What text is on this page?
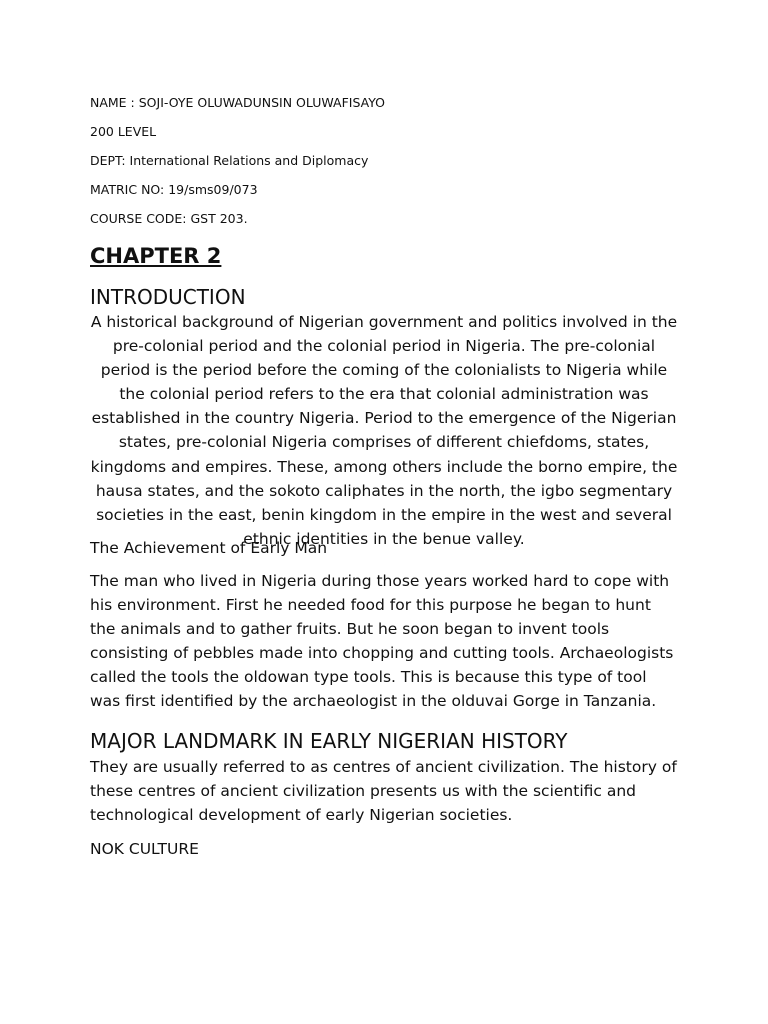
NAME : SOJI-OYE OLUWADUNSIN OLUWAFISAYO

200 LEVEL

DEPT: International Relations and Diplomacy

MATRIC NO: 19/sms09/073

COURSE CODE: GST 203.

CHAPTER 2
INTRODUCTION

A historical background of Nigerian government and politics involved in the pre-colonial period and the colonial period in Nigeria. The pre-colonial period is the period before the coming of the colonialists to Nigeria while the colonial period refers to the era that colonial administration was established in the country Nigeria. Period to the emergence of the Nigerian states, pre-colonial Nigeria comprises of different chiefdoms, states, kingdoms and empires. These, among others include the borno empire, the hausa states, and the sokoto caliphates in the north, the igbo segmentary societies in the east, benin kingdom in the empire in the west and several ethnic identities in the benue valley.

The Achievement of Early Man

The man who lived in Nigeria during those years worked hard to cope with his environment. First he needed food for this purpose he began to hunt the animals and to gather fruits. But he soon began to invent tools consisting of pebbles made into chopping and cutting tools. Archaeologists called the tools the oldowan type tools. This is because this type of tool was first identified by the archaeologist in the olduvai Gorge in Tanzania.

MAJOR LANDMARK IN EARLY NIGERIAN HISTORY

They are usually referred to as centres of ancient civilization. The history of these centres of ancient civilization presents us with the scientific and technological development of early Nigerian societies.

NOK CULTURE
